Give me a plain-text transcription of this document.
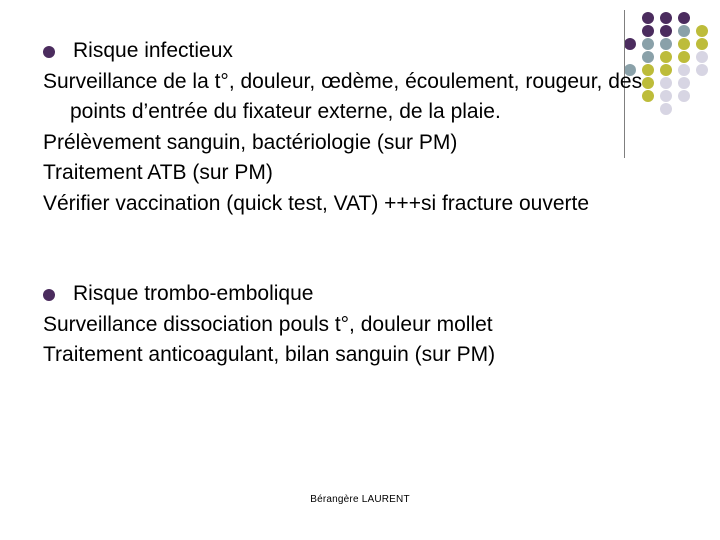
Risque infectieux
Surveillance de la t°, douleur, œdème, écoulement, rougeur, des points d’entrée du fixateur externe, de la plaie.
Prélèvement sanguin, bactériologie (sur PM)
Traitement ATB (sur PM)
Vérifier vaccination (quick test, VAT) +++si fracture ouverte
Risque trombo-embolique
Surveillance dissociation pouls t°, douleur mollet
Traitement anticoagulant, bilan sanguin (sur PM)
Bérangère LAURENT
